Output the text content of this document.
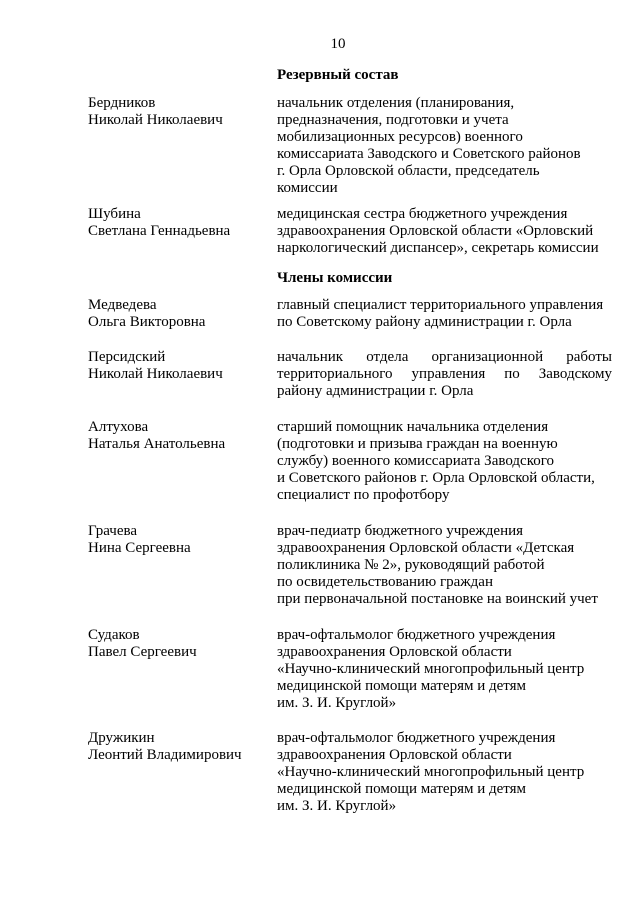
10
Резервный состав
Бердников
Николай Николаевич
начальник отделения (планирования,
предназначения, подготовки и учета
мобилизационных ресурсов) военного
комиссариата Заводского и Советского районов
г. Орла Орловской области, председатель
комиссии
Шубина
Светлана Геннадьевна
медицинская сестра бюджетного учреждения
здравоохранения Орловской области «Орловский
наркологический диспансер», секретарь комиссии
Члены комиссии
Медведева
Ольга Викторовна
главный специалист территориального управления
по Советскому району администрации г. Орла
Персидский
Николай Николаевич
начальник отдела организационной работы
территориального управления по Заводскому
району администрации г. Орла
Алтухова
Наталья Анатольевна
старший помощник начальника отделения
(подготовки и призыва граждан на военную
службу) военного комиссариата Заводского
и Советского районов г. Орла Орловской области,
специалист по профотбору
Грачева
Нина Сергеевна
врач-педиатр бюджетного учреждения
здравоохранения Орловской области «Детская
поликлиника № 2», руководящий работой
по освидетельствованию граждан
при первоначальной постановке на воинский учет
Судаков
Павел Сергеевич
врач-офтальмолог бюджетного учреждения
здравоохранения Орловской области
«Научно-клинический многопрофильный центр
медицинской помощи матерям и детям
им. З. И. Круглой»
Дружикин
Леонтий Владимирович
врач-офтальмолог бюджетного учреждения
здравоохранения Орловской области
«Научно-клинический многопрофильный центр
медицинской помощи матерям и детям
им. З. И. Круглой»
